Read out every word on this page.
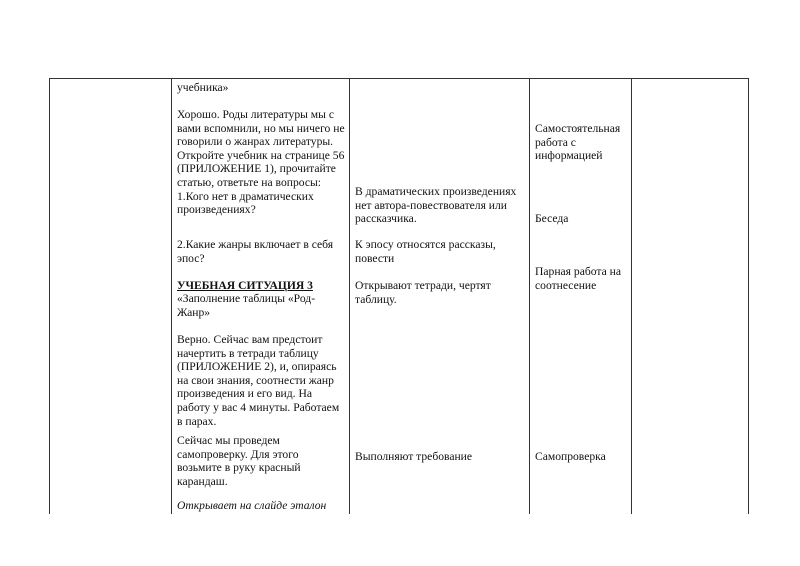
учебника»

Хорошо. Роды литературы мы с
вами вспомнили, но мы ничего не
говорили о жанрах литературы.
Откройте учебник на странице 56
(ПРИЛОЖЕНИЕ 1), прочитайте
статью, ответьте на вопросы:
1.Кого нет в драматических
произведениях?

2.Какие жанры включает в себя
эпос?

УЧЕБНАЯ СИТУАЦИЯ 3

«Заполнение таблицы «Род-
Жанр»

Верно. Сейчас вам предстоит
начертить в тетради таблицу
(ПРИЛОЖЕНИЕ 2), и, опираясь
на свои знания, соотнести жанр
произведения и его вид. На
работу у вас 4 минуты. Работаем
в парах.

Сейчас мы проведем
самопроверку. Для этого
возьмите в руку красный
карандаш.

Открывает на слайде эталон

В драматических произведениях
нет автора-повествователя или
рассказчика.

К эпосу относятся рассказы,
повести

Открывают тетради, чертят
таблицу.

Выполняют требование

Самостоятельная
работа с
информацией

Беседа

Парная работа на
соотнесение

Самопроверка
